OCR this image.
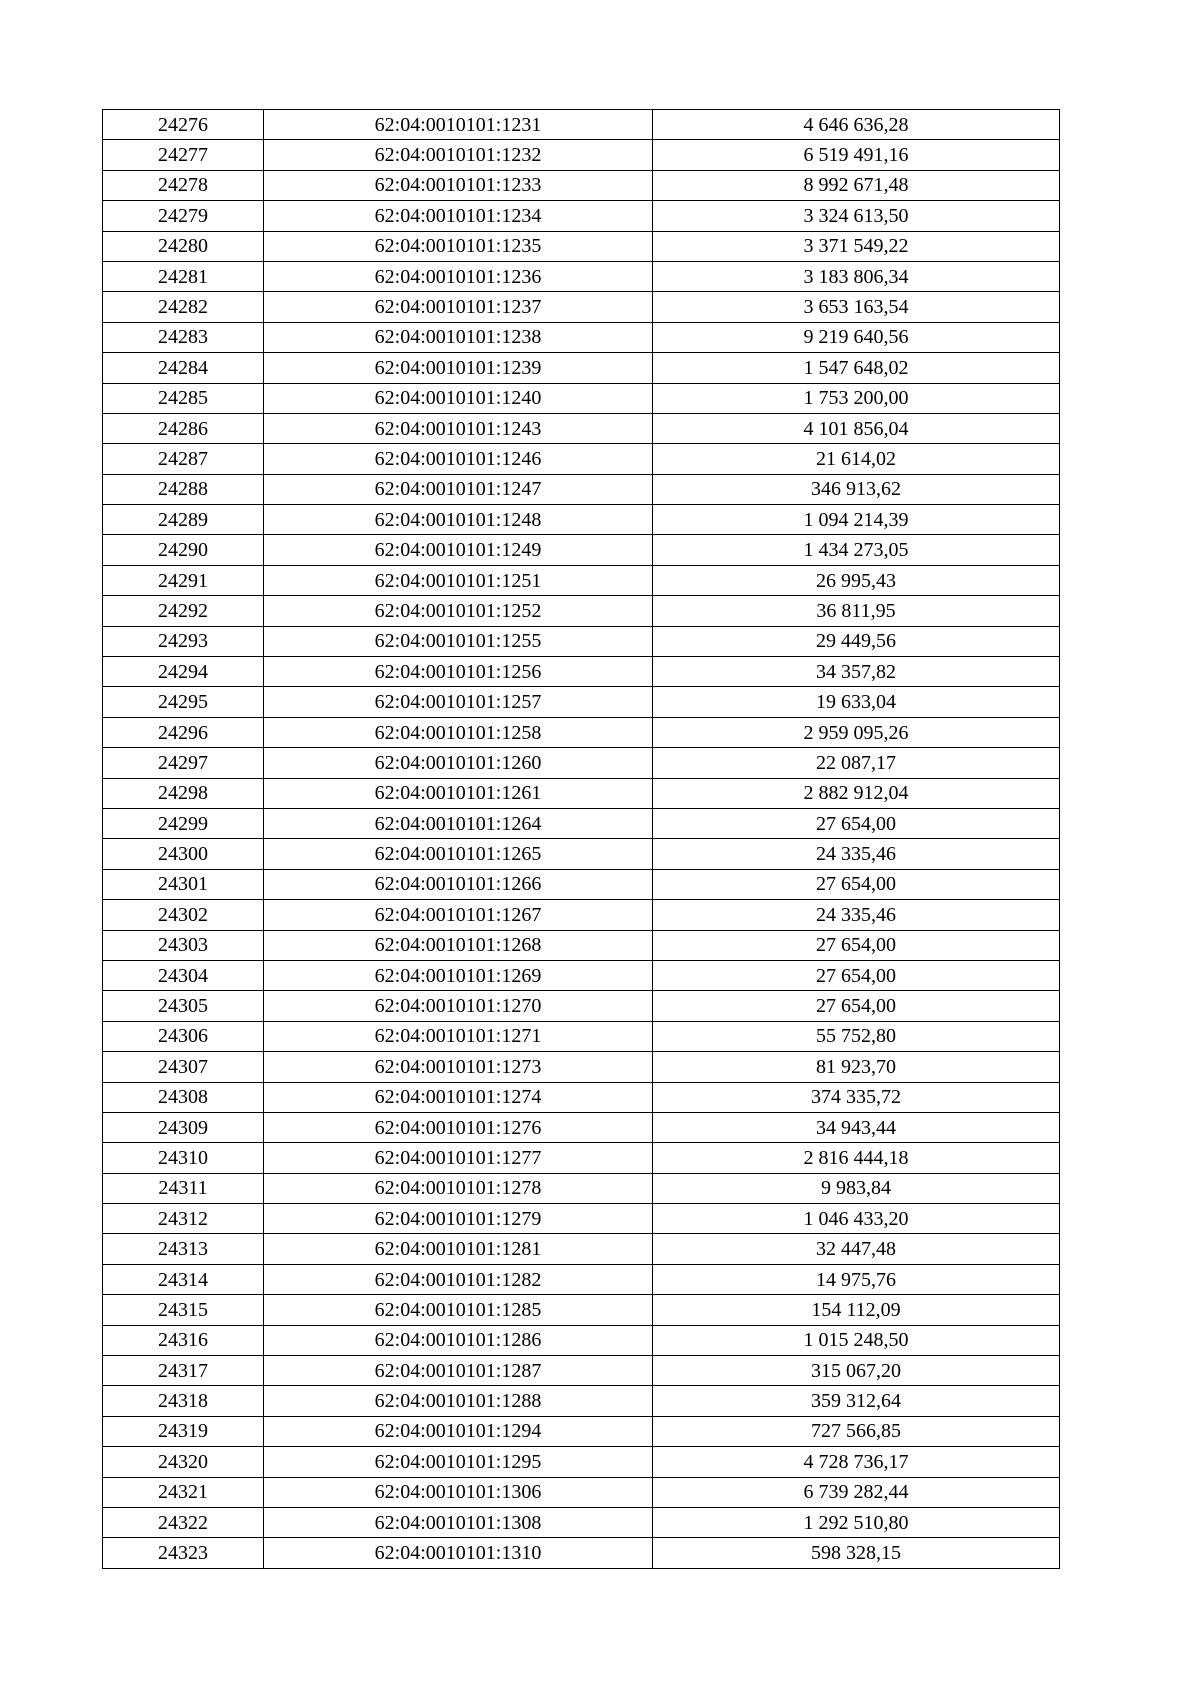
24276	62:04:0010101:1231	4 646 636,28
24277	62:04:0010101:1232	6 519 491,16
24278	62:04:0010101:1233	8 992 671,48
24279	62:04:0010101:1234	3 324 613,50
24280	62:04:0010101:1235	3 371 549,22
24281	62:04:0010101:1236	3 183 806,34
24282	62:04:0010101:1237	3 653 163,54
24283	62:04:0010101:1238	9 219 640,56
24284	62:04:0010101:1239	1 547 648,02
24285	62:04:0010101:1240	1 753 200,00
24286	62:04:0010101:1243	4 101 856,04
24287	62:04:0010101:1246	21 614,02
24288	62:04:0010101:1247	346 913,62
24289	62:04:0010101:1248	1 094 214,39
24290	62:04:0010101:1249	1 434 273,05
24291	62:04:0010101:1251	26 995,43
24292	62:04:0010101:1252	36 811,95
24293	62:04:0010101:1255	29 449,56
24294	62:04:0010101:1256	34 357,82
24295	62:04:0010101:1257	19 633,04
24296	62:04:0010101:1258	2 959 095,26
24297	62:04:0010101:1260	22 087,17
24298	62:04:0010101:1261	2 882 912,04
24299	62:04:0010101:1264	27 654,00
24300	62:04:0010101:1265	24 335,46
24301	62:04:0010101:1266	27 654,00
24302	62:04:0010101:1267	24 335,46
24303	62:04:0010101:1268	27 654,00
24304	62:04:0010101:1269	27 654,00
24305	62:04:0010101:1270	27 654,00
24306	62:04:0010101:1271	55 752,80
24307	62:04:0010101:1273	81 923,70
24308	62:04:0010101:1274	374 335,72
24309	62:04:0010101:1276	34 943,44
24310	62:04:0010101:1277	2 816 444,18
24311	62:04:0010101:1278	9 983,84
24312	62:04:0010101:1279	1 046 433,20
24313	62:04:0010101:1281	32 447,48
24314	62:04:0010101:1282	14 975,76
24315	62:04:0010101:1285	154 112,09
24316	62:04:0010101:1286	1 015 248,50
24317	62:04:0010101:1287	315 067,20
24318	62:04:0010101:1288	359 312,64
24319	62:04:0010101:1294	727 566,85
24320	62:04:0010101:1295	4 728 736,17
24321	62:04:0010101:1306	6 739 282,44
24322	62:04:0010101:1308	1 292 510,80
24323	62:04:0010101:1310	598 328,15
